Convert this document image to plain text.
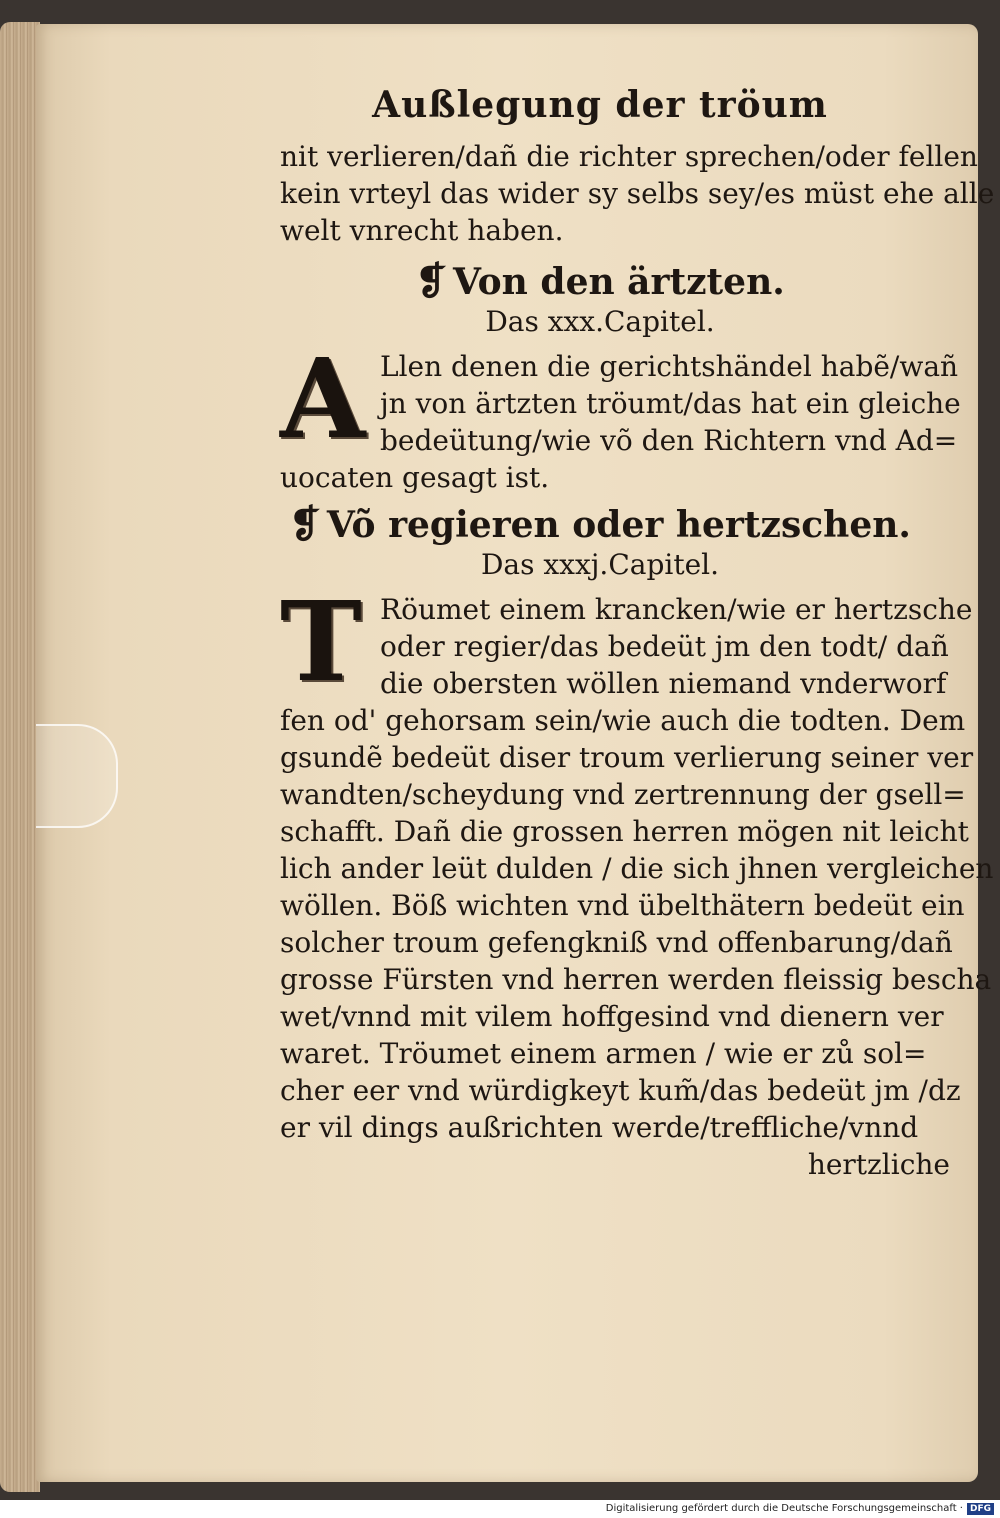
Außlegung der tröum
nit verlieren/dañ die richter sprechen/oder fellen
kein vrteyl das wider sy selbs sey/es müst ehe alle
welt vnrecht haben.
❡ Von den ärtzten.
Das xxx.Capitel.
A Llen denen die gerichtshändel habẽ/wañ
jn von ärtzten tröumt/das hat ein gleiche
bedeütung/wie võ den Richtern vnd Ad=
uocaten gesagt ist.
❡ Võ regieren oder hertzschen.
Das xxxj.Capitel.
T Röumet einem krancken/wie er hertzsche
oder regier/das bedeüt jm den todt/ dañ
die obersten wöllen niemand vnderworf
fen od' gehorsam sein/wie auch die todten. Dem
gsundẽ bedeüt diser troum verlierung seiner ver
wandten/scheydung vnd zertrennung der gsell=
schafft. Dañ die grossen herren mögen nit leicht
lich ander leüt dulden / die sich jhnen vergleichen
wöllen. Böß wichten vnd übelthätern bedeüt ein
solcher troum gefengkniß vnd offenbarung/dañ
grosse Fürsten vnd herren werden fleissig bescha
wet/vnnd mit vilem hoffgesind vnd dienern ver
waret. Tröumet einem armen / wie er zů sol=
cher eer vnd würdigkeyt kum̃/das bedeüt jm /dz
er vil dings außrichten werde/treffliche/vnnd
hertzliche
Digitalisierung gefördert durch die Deutsche Forschungsgemeinschaft · DFG
